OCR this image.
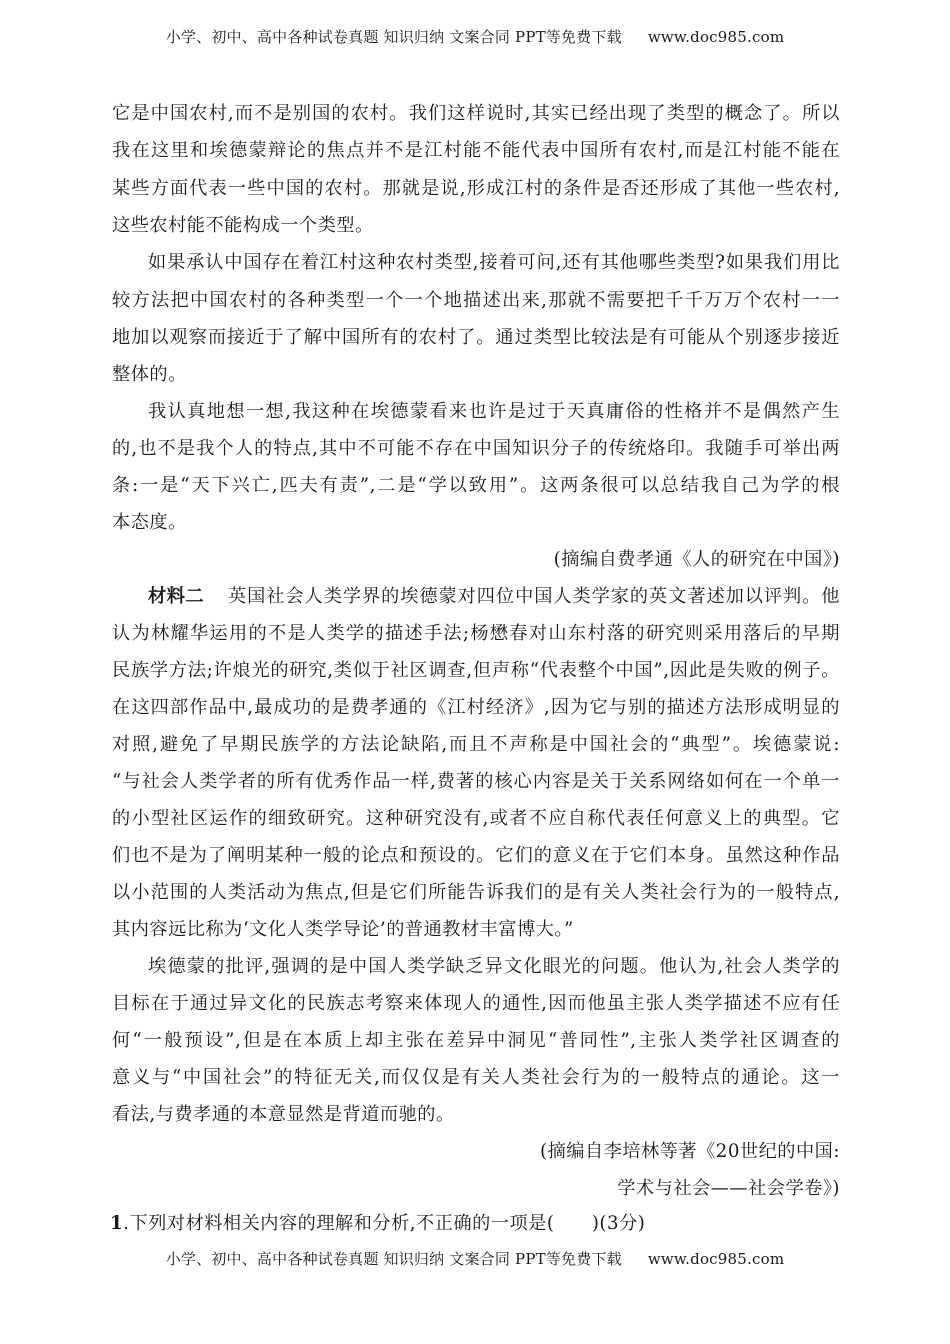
小学、初中、高中各种试卷真题 知识归纳 文案合同 PPT等免费下载 www.doc985.com
它是中国农村,而不是别国的农村。我们这样说时,其实已经出现了类型的概念了。所以
我在这里和埃德蒙辩论的焦点并不是江村能不能代表中国所有农村,而是江村能不能在
某些方面代表一些中国的农村。那就是说,形成江村的条件是否还形成了其他一些农村,
这些农村能不能构成一个类型。
如果承认中国存在着江村这种农村类型,接着可问,还有其他哪些类型?如果我们用比
较方法把中国农村的各种类型一个一个地描述出来,那就不需要把千千万万个农村一一
地加以观察而接近于了解中国所有的农村了。通过类型比较法是有可能从个别逐步接近
整体的。
我认真地想一想,我这种在埃德蒙看来也许是过于天真庸俗的性格并不是偶然产生
的,也不是我个人的特点,其中不可能不存在中国知识分子的传统烙印。我随手可举出两
条:一是“天下兴亡,匹夫有责”,二是“学以致用”。这两条很可以总结我自己为学的根
本态度。
(摘编自费孝通《人的研究在中国》)
材料二	英国社会人类学界的埃德蒙对四位中国人类学家的英文著述加以评判。他
认为林耀华运用的不是人类学的描述手法;杨懋春对山东村落的研究则采用落后的早期
民族学方法;许烺光的研究,类似于社区调查,但声称“代表整个中国”,因此是失败的例子。
在这四部作品中,最成功的是费孝通的《江村经济》,因为它与别的描述方法形成明显的
对照,避免了早期民族学的方法论缺陷,而且不声称是中国社会的“典型”。埃德蒙说:
“与社会人类学者的所有优秀作品一样,费著的核心内容是关于关系网络如何在一个单一
的小型社区运作的细致研究。这种研究没有,或者不应自称代表任何意义上的典型。它
们也不是为了阐明某种一般的论点和预设的。它们的意义在于它们本身。虽然这种作品
以小范围的人类活动为焦点,但是它们所能告诉我们的是有关人类社会行为的一般特点,
其内容远比称为‘文化人类学导论’的普通教材丰富博大。”
埃德蒙的批评,强调的是中国人类学缺乏异文化眼光的问题。他认为,社会人类学的
目标在于通过异文化的民族志考察来体现人的通性,因而他虽主张人类学描述不应有任
何“一般预设”,但是在本质上却主张在差异中洞见“普同性”,主张人类学社区调查的
意义与“中国社会”的特征无关,而仅仅是有关人类社会行为的一般特点的通论。这一
看法,与费孝通的本意显然是背道而驰的。
(摘编自李培林等著《20世纪的中国:
学术与社会——社会学卷》)
1.下列对材料相关内容的理解和分析,不正确的一项是(　　)(3分)
小学、初中、高中各种试卷真题 知识归纳 文案合同 PPT等免费下载 www.doc985.com
